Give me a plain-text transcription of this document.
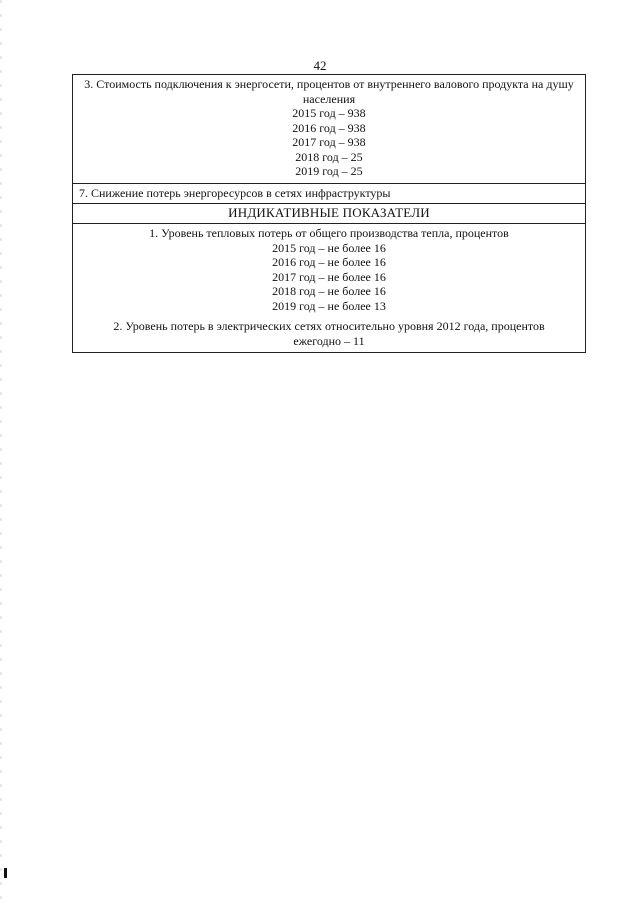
42
3. Стоимость подключения к энергосети, процентов от внутреннего валового продукта на душу населения
2015 год – 938
2016 год – 938
2017 год – 938
2018 год – 25
2019 год – 25
7. Снижение потерь энергоресурсов в сетях инфраструктуры
ИНДИКАТИВНЫЕ ПОКАЗАТЕЛИ
1. Уровень тепловых потерь от общего производства тепла, процентов
2015 год – не более 16
2016 год – не более 16
2017 год – не более 16
2018 год – не более 16
2019 год – не более 13
2. Уровень потерь в электрических сетях относительно уровня 2012 года, процентов
ежегодно – 11
